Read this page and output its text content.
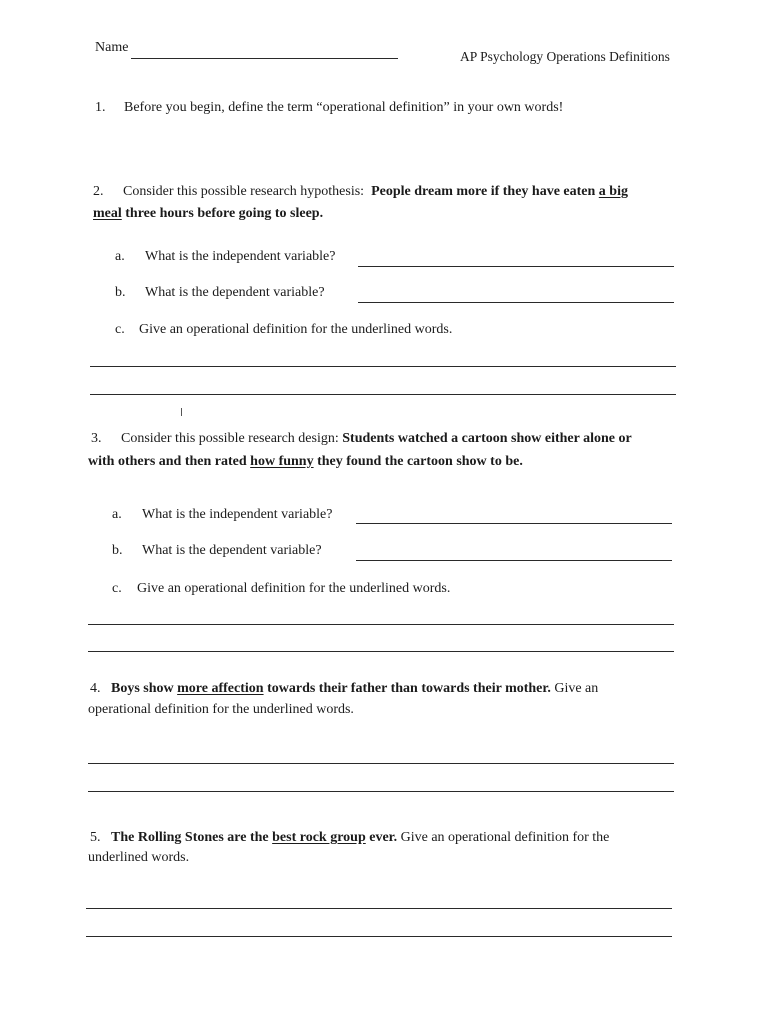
Name
AP Psychology Operations Definitions
1. Before you begin, define the term “operational definition” in your own words!
2. Consider this possible research hypothesis: People dream more if they have eaten a big
meal three hours before going to sleep.
a. What is the independent variable?
b. What is the dependent variable?
c. Give an operational definition for the underlined words.
3. Consider this possible research design: Students watched a cartoon show either alone or
with others and then rated how funny they found the cartoon show to be.
a. What is the independent variable?
b. What is the dependent variable?
c. Give an operational definition for the underlined words.
4. Boys show more affection towards their father than towards their mother. Give an
operational definition for the underlined words.
5. The Rolling Stones are the best rock group ever. Give an operational definition for the
underlined words.
